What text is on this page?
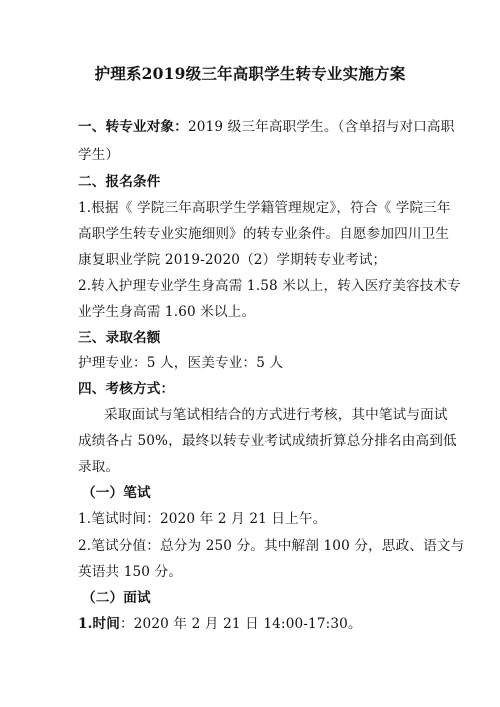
护理系2019级三年高职学生转专业实施方案
一、转专业对象：2019 级三年高职学生。（含单招与对口高职
学生）
二、报名条件
1.根据《 学院三年高职学生学籍管理规定》，符合《 学院三年
高职学生转专业实施细则》的转专业条件。自愿参加四川卫生
康复职业学院 2019-2020（2）学期转专业考试；
2.转入护理专业学生身高需 1.58 米以上，转入医疗美容技术专
业学生身高需 1.60 米以上。
三、录取名额
护理专业：5 人，医美专业：5 人
四、考核方式：
采取面试与笔试相结合的方式进行考核，其中笔试与面试
成绩各占 50%，最终以转专业考试成绩折算总分排名由高到低
录取。
（一）笔试
1.笔试时间：2020 年 2 月 21 日上午。
2.笔试分值：总分为 250 分。其中解剖 100 分，思政、语文与
英语共 150 分。
（二）面试
1.时间：2020 年 2 月 21 日 14:00-17:30。
